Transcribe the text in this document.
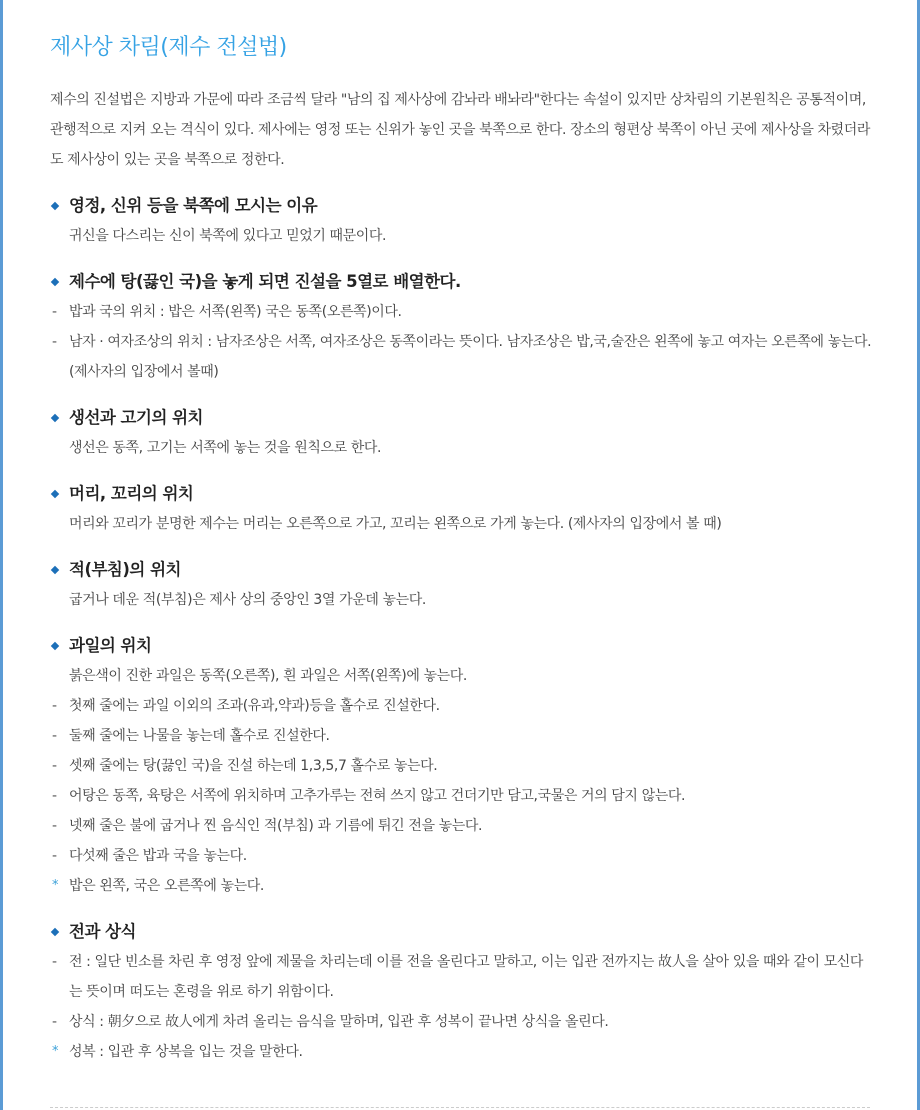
제사상 차림(제수 전설법)

제수의 진설법은 지방과 가문에 따라 조금씩 달라 "남의 집 제사상에 감놔라 배놔라"한다는 속설이 있지만 상차림의 기본원칙은 공통적이며, 관행적으로 지켜 오는 격식이 있다. 제사에는 영정 또는 신위가 놓인 곳을 북쪽으로 한다. 장소의 형편상 북쪽이 아닌 곳에 제사상을 차렸더라도 제사상이 있는 곳을 북쪽으로 정한다.

영정, 신위 등을 북쪽에 모시는 이유
귀신을 다스리는 신이 북쪽에 있다고 믿었기 때문이다.
제수에 탕(끓인 국)을 놓게 되면 진설을 5열로 배열한다.
- 밥과 국의 위치 : 밥은 서쪽(왼쪽) 국은 동쪽(오른쪽)이다.
- 남자 · 여자조상의 위치 : 남자조상은 서쪽, 여자조상은 동쪽이라는 뜻이다. 남자조상은 밥,국,술잔은 왼쪽에 놓고 여자는 오른쪽에 놓는다. (제사자의 입장에서 볼때)
생선과 고기의 위치
생선은 동쪽, 고기는 서쪽에 놓는 것을 원칙으로 한다.
머리, 꼬리의 위치
머리와 꼬리가 분명한 제수는 머리는 오른쪽으로 가고, 꼬리는 왼쪽으로 가게 놓는다. (제사자의 입장에서 볼 때)
적(부침)의 위치
굽거나 데운 적(부침)은 제사 상의 중앙인 3열 가운데 놓는다.
과일의 위치
붉은색이 진한 과일은 동쪽(오른쪽), 흰 과일은 서쪽(왼쪽)에 놓는다.
- 첫째 줄에는 과일 이외의 조과(유과,약과)등을 홀수로 진설한다.
- 둘째 줄에는 나물을 놓는데 홀수로 진설한다.
- 셋째 줄에는 탕(끓인 국)을 진설 하는데 1,3,5,7 홀수로 놓는다.
- 어탕은 동쪽, 육탕은 서쪽에 위치하며 고추가루는 전혀 쓰지 않고 건더기만 담고,국물은 거의 담지 않는다.
- 넷째 줄은 불에 굽거나 찐 음식인 적(부침) 과 기름에 튀긴 전을 놓는다.
- 다섯째 줄은 밥과 국을 놓는다.
* 밥은 왼쪽, 국은 오른쪽에 놓는다.
전과 상식
- 전 : 일단 빈소를 차린 후 영정 앞에 제물을 차리는데 이를 전을 올린다고 말하고, 이는 입관 전까지는 故人을 살아 있을 때와 같이 모신다는 뜻이며 떠도는 혼령을 위로 하기 위함이다.
- 상식 : 朝夕으로 故人에게 차려 올리는 음식을 말하며, 입관 후 성복이 끝나면 상식을 올린다.
* 성복 : 입관 후 상복을 입는 것을 말한다.
